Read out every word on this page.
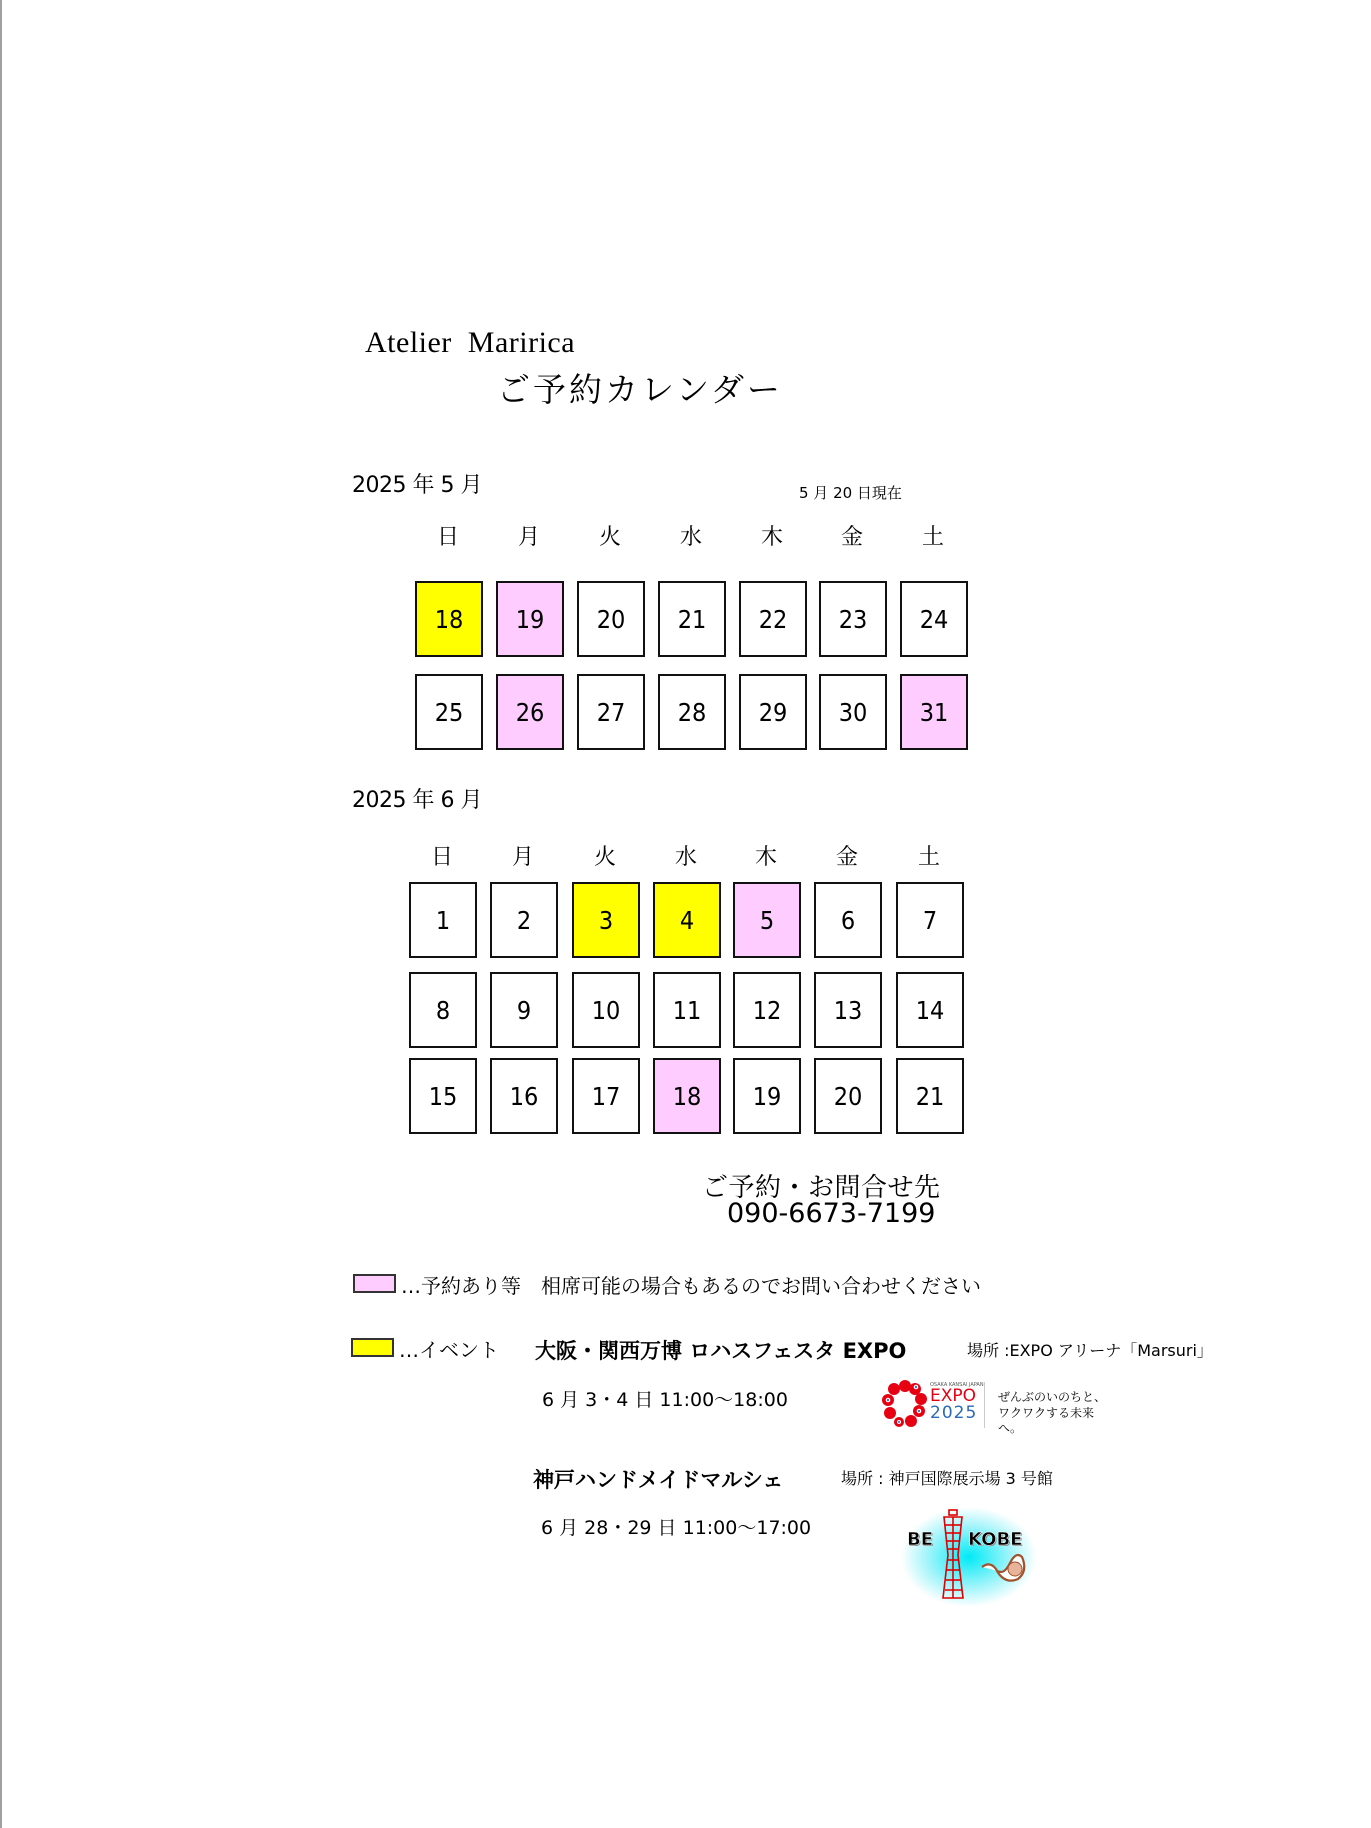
Atelier Maririca
ご予約カレンダー
2025 年 5 月	5 月 20 日現在
日	月	火	水	木	金	土
18	19	20	21	22	23	24
25	26	27	28	29	30	31
2025 年 6 月
日	月	火	水	木	金	土
1	2	3	4	5	6	7
8	9	10	11	12	13	14
15	16	17	18	19	20	21
ご予約・お問合せ先
090-6673-7199
…予約あり等　相席可能の場合もあるのでお問い合わせください
…イベント 大阪・関西万博 ロハスフェスタ EXPO	場所 :EXPO アリーナ「Marsuri」
6 月 3・4 日 11:00〜18:00
OSAKA KANSAI JAPAN
EXPO
2025
ぜんぶのいのちと、
ワクワクする未来へ。
神戸ハンドメイドマルシェ	場所 : 神戸国際展示場 3 号館
6 月 28・29 日 11:00〜17:00
BE KOBE
